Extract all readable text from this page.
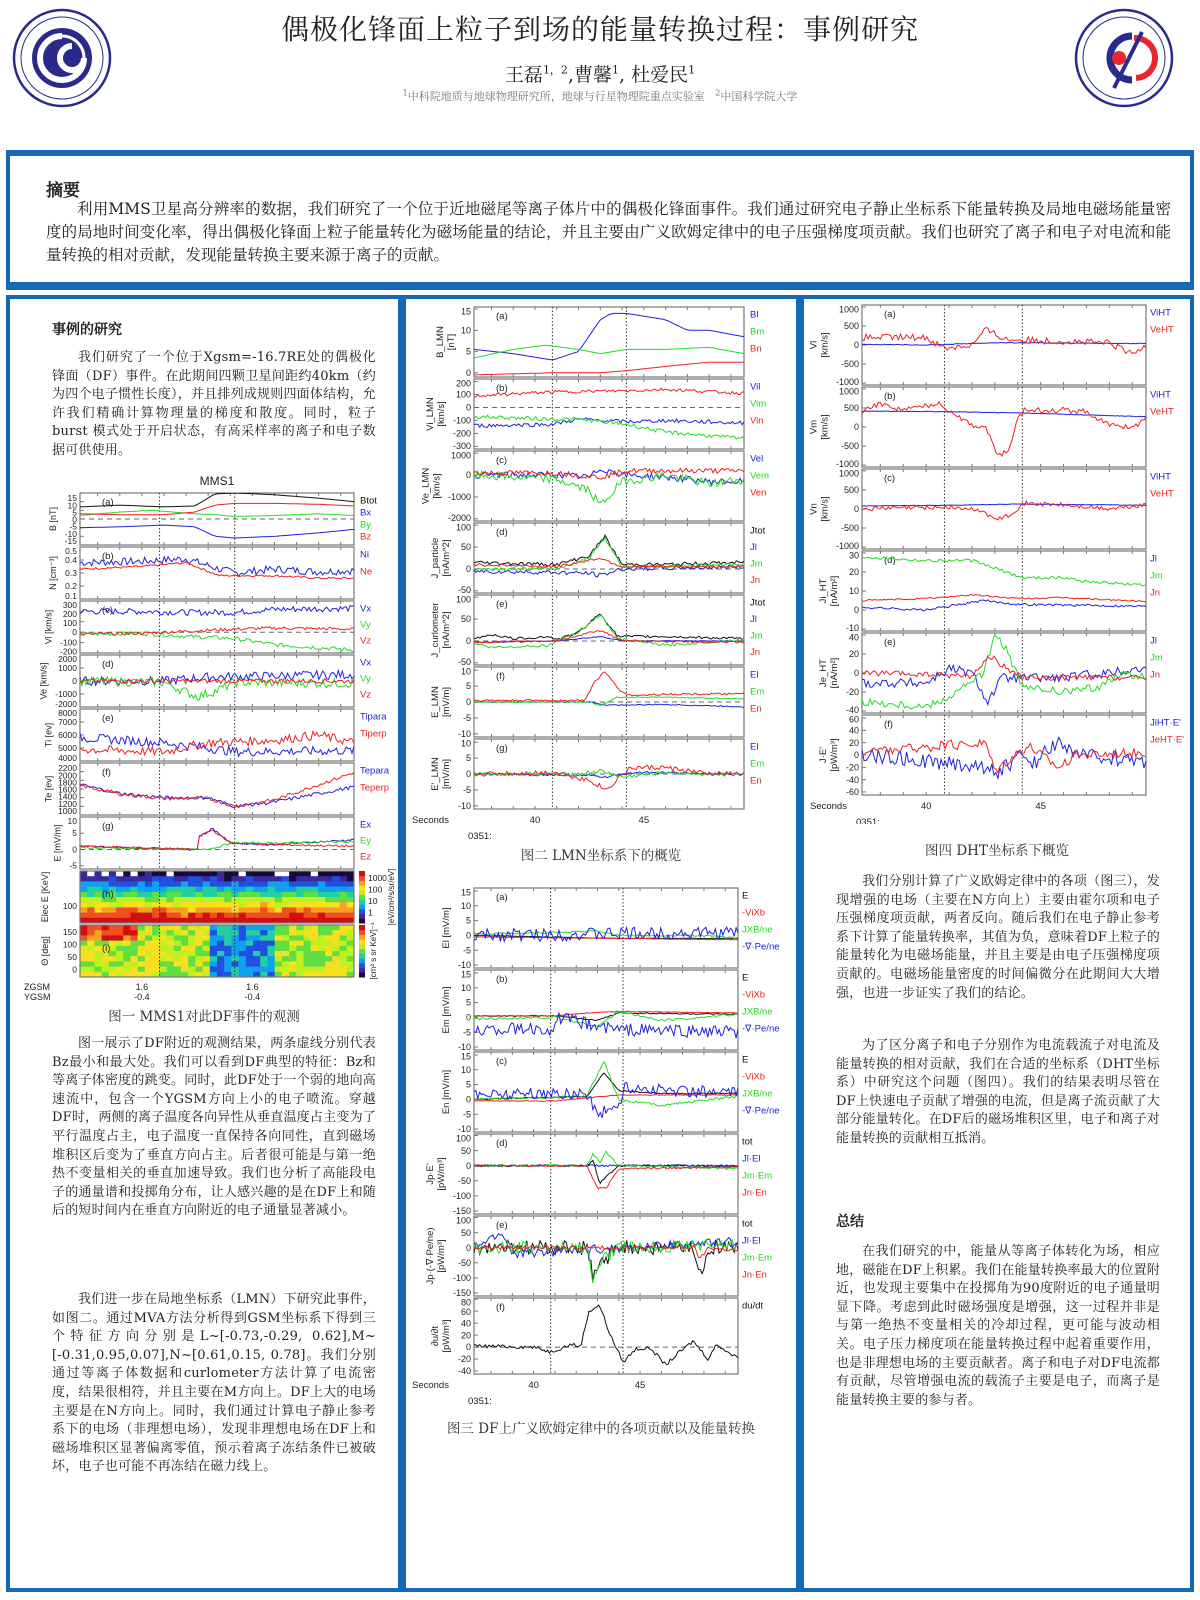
偶极化锋面上粒子到场的能量转换过程：事例研究
王磊$^{1,2}$,曹馨$^1$, 杜爱民$^1$
$^1$中科院地质与地球物理研究所，地球与行星物理院重点实验室 $^2$中国科学院大学
摘要
利用MMS卫星高分辨率的数据，我们研究了一个位于近地磁尾等离子体片中的偶极化锋面事件。我们通过研究电子静止坐标系下能量转换及局地电磁场能量密度的局地时间变化率，得出偶极化锋面上粒子能量转化为磁场能量的结论，并且主要由广义欧姆定律中的电子压强梯度项贡献。我们也研究了离子和电子对电流和能量转换的相对贡献，发现能量转换主要来源于离子的贡献。
事例的研究
我们研究了一个位于Xgsm=-16.7RE处的偶极化锋面（DF）事件。在此期间四颗卫星间距约40km（约为四个电子惯性长度），并且排列成规则四面体结构，允许我们精确计算物理量的梯度和散度。同时，粒子burst 模式处于开启状态，有高采样率的离子和电子数据可供使用。
MMS1
15
10
5
0
-5
-10
-15
B [nT]
(a)	Btot
Bx
By
Bz
0.5
0.4
0.3
0.2
0.1
N [cm⁻³]	(b)	Ni
Ne
300
200
100
0
-100
-200
Vi [km/s]	(c)	Vx
Vy
Vz
2000
1000
0
-1000
-2000
Ve [km/s]	(d)	Vx
Vy
Vz
8000
7000
6000
5000
4000
Ti [ev]
(e)	Tipara
Tiperp
2200
2000
1800
1600
1400
1200
1000
Te [ev]
(f)	Tepara
Teperp
10
5
0
-5
E [mV/m]	(g)	Ex
Ey
Ez
(h)
Elec E [KeV] 100
1000
100
10
1
(i)
Θ [deg]
150
100
50
0
[eV/cm²/s/sr/eV]
[cm² s sr KeV]⁻¹
ZGSM	1.6	1.6
YGSM	-0.4	-0.4
图一 MMS1对此DF事件的观测
图一展示了DF附近的观测结果，两条虚线分别代表Bz最小和最大处。我们可以看到DF典型的特征：Bz和等离子体密度的跳变。同时，此DF处于一个弱的地向高速流中，包含一个YGSM方向上小的电子喷流。穿越DF时，两侧的离子温度各向异性从垂直温度占主变为了平行温度占主，电子温度一直保持各向同性，直到磁场堆积区后变为了垂直方向占主。后者很可能是与第一绝热不变量相关的垂直加速导致。我们也分析了高能段电子的通量谱和投掷角分布，让人感兴趣的是在DF上和随后的短时间内在垂直方向附近的电子通量显著减小。
我们进一步在局地坐标系（LMN）下研究此事件，如图二。通过MVA方法分析得到GSM坐标系下得到三个特征方向分别是L~[-0.73,-0.29, 0.62],M~[-0.31,0.95,0.07],N~[0.61,0.15, 0.78]。我们分别通过等离子体数据和curlometer方法计算了电流密度，结果很相符，并且主要在M方向上。DF上大的电场主要是在N方向上。同时，我们通过计算电子静止参考系下的电场（非理想电场），发现非理想电场在DF上和磁场堆积区显著偏离零值，预示着离子冻结条件已被破坏，电子也可能不再冻结在磁力线上。
15
10
5
0
B_LMN [nT]
(a)	Bl
Bm
Bn
200
100
0
-100
-200
-300
Vi_LMN [km/s]
(b)	Vil
Vim
Vin
1000
0
-1000
-2000
Ve_LMN [km/s]
(c)	Vel
Vem
Ven
100
50
0
-50
J_particle [nA/m^2]
(d)	Jtot
Jl
Jm
Jn
100
50
0
-50
J_curlometer [nA/m^2]
(e)	Jtot
Jl
Jm
Jn
10
5
0
-5
-10
E_LMN [mV/m]
(f)	El
Em
En
10
5
0
-5
-10
E'_LMN [mV/m]
(g)	El
Em
En
Seconds	40	45
0351:
图二 LMN坐标系下的概览
15
10
5
0
-5
-10
El [mV/m]
(a)	E
-ViXb
JXB/ne
-∇·Pe/ne
15
10
5
0
-5
-10
Em [mV/m]
(b)	E
-ViXb
JXB/ne
-∇·Pe/ne
15
10
5
0
-5
-10
En [mV/m]
(c)	E
-ViXb
JXB/ne
-∇·Pe/ne
100
50
0
-50
-100
-150
Jp·E' [pW/m³]
(d)	tot
Jl·El
Jm·Em
Jn·En
100
50
0
-50
-100
-150
Jp·(-∇·Pe/ne) [pW/m³]
(e)	tot
Jl·El
Jm·Em
Jn·En
80
60
40
20
0
-20
-40
∂u/∂t [pW/m³]
(f)	du/dt
Seconds	40	45
0351:
图三 DF上广义欧姆定律中的各项贡献以及能量转换
1000
500
0
-500
-1000
Vl [km/s]
(a)	ViHT
VeHT
1000
500
0
-500
-1000
Vm [km/s]
(b)	ViHT
VeHT
1000
500
0
-500
-1000
Vn [km/s]
(c)	ViHT
VeHT
30
20
10
0
-10
Ji_HT [nA/m²]
(d)	Jl
Jm
Jn
40
20
0
-20
-40
Je_HT [nA/m²]
(e)	Jl
Jm
Jn
60
40
20
0
-20
-40
-60
J·E' [pW/m³]
(f)	JiHT·E'
JeHT·E'
Seconds	40	45
0351:
图四 DHT坐标系下概览
我们分别计算了广义欧姆定律中的各项（图三），发现增强的电场（主要在N方向上）主要由霍尔项和电子压强梯度项贡献，两者反向。随后我们在电子静止参考系下计算了能量转换率，其值为负，意味着DF上粒子的能量转化为电磁场能量，并且主要是由电子压强梯度项贡献的。电磁场能量密度的时间偏微分在此期间大大增强，也进一步证实了我们的结论。
为了区分离子和电子分别作为电流载流子对电流及能量转换的相对贡献，我们在合适的坐标系（DHT坐标系）中研究这个问题（图四）。我们的结果表明尽管在DF上快速电子贡献了增强的电流，但是离子流贡献了大部分能量转化。在DF后的磁场堆积区里，电子和离子对能量转换的贡献相互抵消。
总结
在我们研究的中，能量从等离子体转化为场，相应地，磁能在DF上积累。我们在能量转换率最大的位置附近，也发现主要集中在投掷角为90度附近的电子通量明显下降。考虑到此时磁场强度是增强，这一过程并非是与第一绝热不变量相关的冷却过程，更可能与波动相关。电子压力梯度项在能量转换过程中起着重要作用，也是非理想电场的主要贡献者。离子和电子对DF电流都有贡献，尽管增强电流的载流子主要是电子，而离子是能量转换主要的参与者。
